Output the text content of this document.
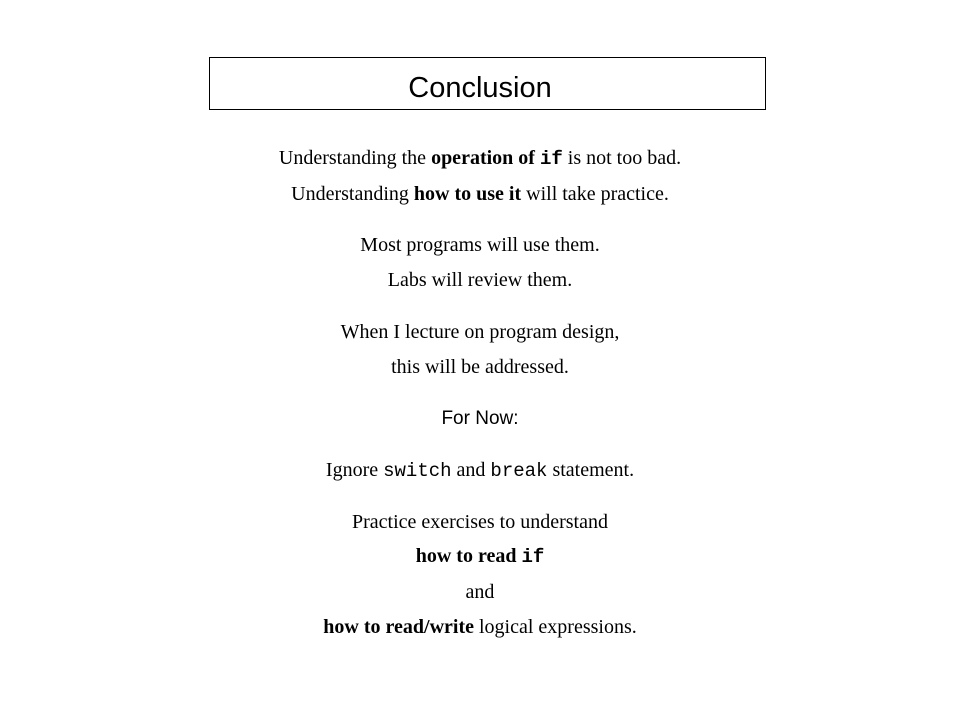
Conclusion
Understanding the operation of if is not too bad.
Understanding how to use it will take practice.
Most programs will use them.
Labs will review them.
When I lecture on program design,
this will be addressed.
For Now:
Ignore switch and break statement.
Practice exercises to understand
how to read if
and
how to read/write logical expressions.
